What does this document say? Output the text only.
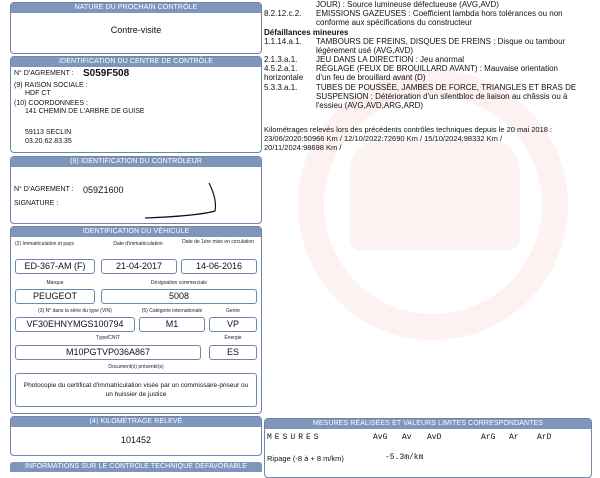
NATURE DU PROCHAIN CONTRÔLE
Contre-visite
IDENTIFICATION DU CENTRE DE CONTRÔLE
N° D'AGREMENT : S059F508
(9) RAISON SOCIALE :
HDF CT
(10) COORDONNEES :
141 CHEMIN DE L'ARBRE DE GUISE
59113 SECLIN
03.20.62.83.35
(9) IDENTIFICATION DU CONTRÔLEUR
N° D'AGREMENT : 059Z1600
SIGNATURE :
IDENTIFICATION DU VÉHICULE
(2) Immatriculation et pays	Date d'immatriculation	Date de 1ère mise en circulation
ED-367-AM (F)	21-04-2017	14-06-2016
Marque	Désignation commerciale
PEUGEOT	5008
(3) N° dans la série du type (VIN)	(5) Catégorie internationale	Genre
VF30EHNYMGS100794	M1	VP
Type/CNIT	Énergie
M10PGTVP036A867	ES
Document(s) présenté(s)
Photocopie du certificat d'immatriculation visée par un commissaire-priseur ou un huissier de justice
(4) KILOMÉTRAGE RELEVÉ
101452
INFORMATIONS SUR LE CONTRÔLE TECHNIQUE DÉFAVORABLE
JOUR) : Source lumineuse défectueuse (AVG,AVD)
8.2.12.c.2. EMISSIONS GAZEUSES : Coefficient lambda hors tolérances ou non
conforme aux spécifications du constructeur
Défaillances mineures
1.1.14.a.1. TAMBOURS DE FREINS, DISQUES DE FREINS : Disque ou tambour
légèrement usé (AVG,AVD)
2.1.3.a.1. JEU DANS LA DIRECTION : Jeu anormal
4.5.2.a.1. RÉGLAGE (FEUX DE BROUILLARD AVANT) : Mauvaise orientation horizontale	d'un feu de brouillard avant (D)
5.3.3.a.1. TUBES DE POUSSÉE, JAMBES DE FORCE, TRIANGLES ET BRAS DE
SUSPENSION : Détérioration d'un silentbloc de liaison au châssis ou à
l'essieu (AVG,AVD,ARG,ARD)
Kilométrages relevés lors des précédents contrôles techniques depuis le 20 mai 2018 :
23/06/2020:50966 Km / 12/10/2022:72690 Km / 15/10/2024:98332 Km /
20/11/2024:98698 Km /
MESURES RÉALISÉES ET VALEURS LIMITES CORRESPONDANTES
MESURES	AvG Av AvD	ArG Ar ArD
Ripage (-8 à + 8 m/km)	-5.3m/km
